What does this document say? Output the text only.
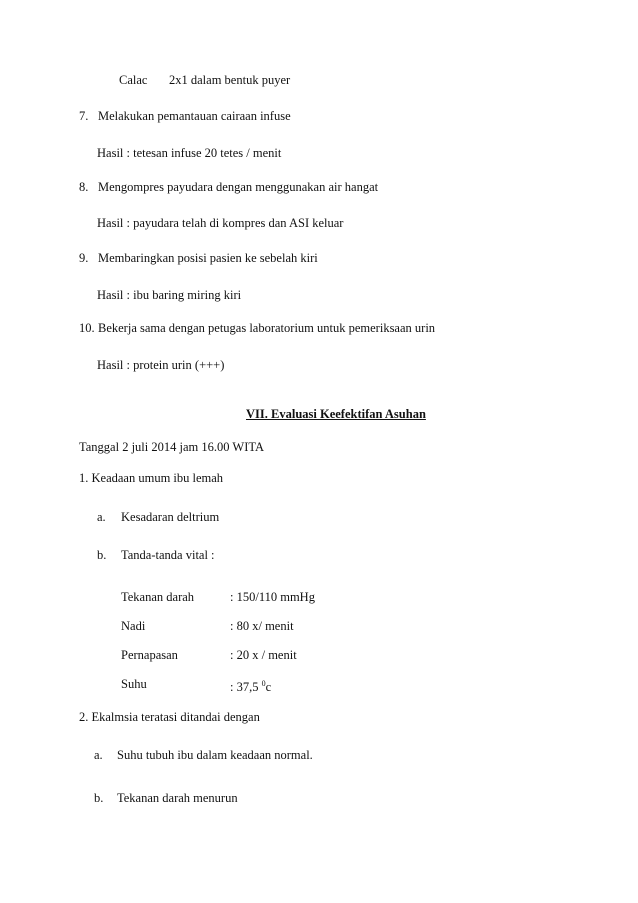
Calac 2x1 dalam bentuk puyer
7. Melakukan pemantauan cairaan infuse
Hasil : tetesan infuse 20 tetes / menit
8. Mengompres payudara dengan menggunakan air hangat
Hasil : payudara telah di kompres dan ASI keluar
9. Membaringkan posisi pasien ke sebelah kiri
Hasil : ibu baring miring kiri
10. Bekerja sama dengan petugas laboratorium untuk pemeriksaan urin
Hasil : protein urin (+++)
VII. Evaluasi Keefektifan Asuhan
Tanggal 2 juli 2014 jam 16.00 WITA
1. Keadaan umum ibu lemah
a. Kesadaran deltrium
b. Tanda-tanda vital :
Tekanan darah	: 150/110 mmHg
Nadi	: 80 x/ menit
Pernapasan	: 20 x / menit
Suhu	: 37,5 $^0$c
2. Ekalmsia teratasi ditandai dengan
a. Suhu tubuh ibu dalam keadaan normal.
b. Tekanan darah menurun
